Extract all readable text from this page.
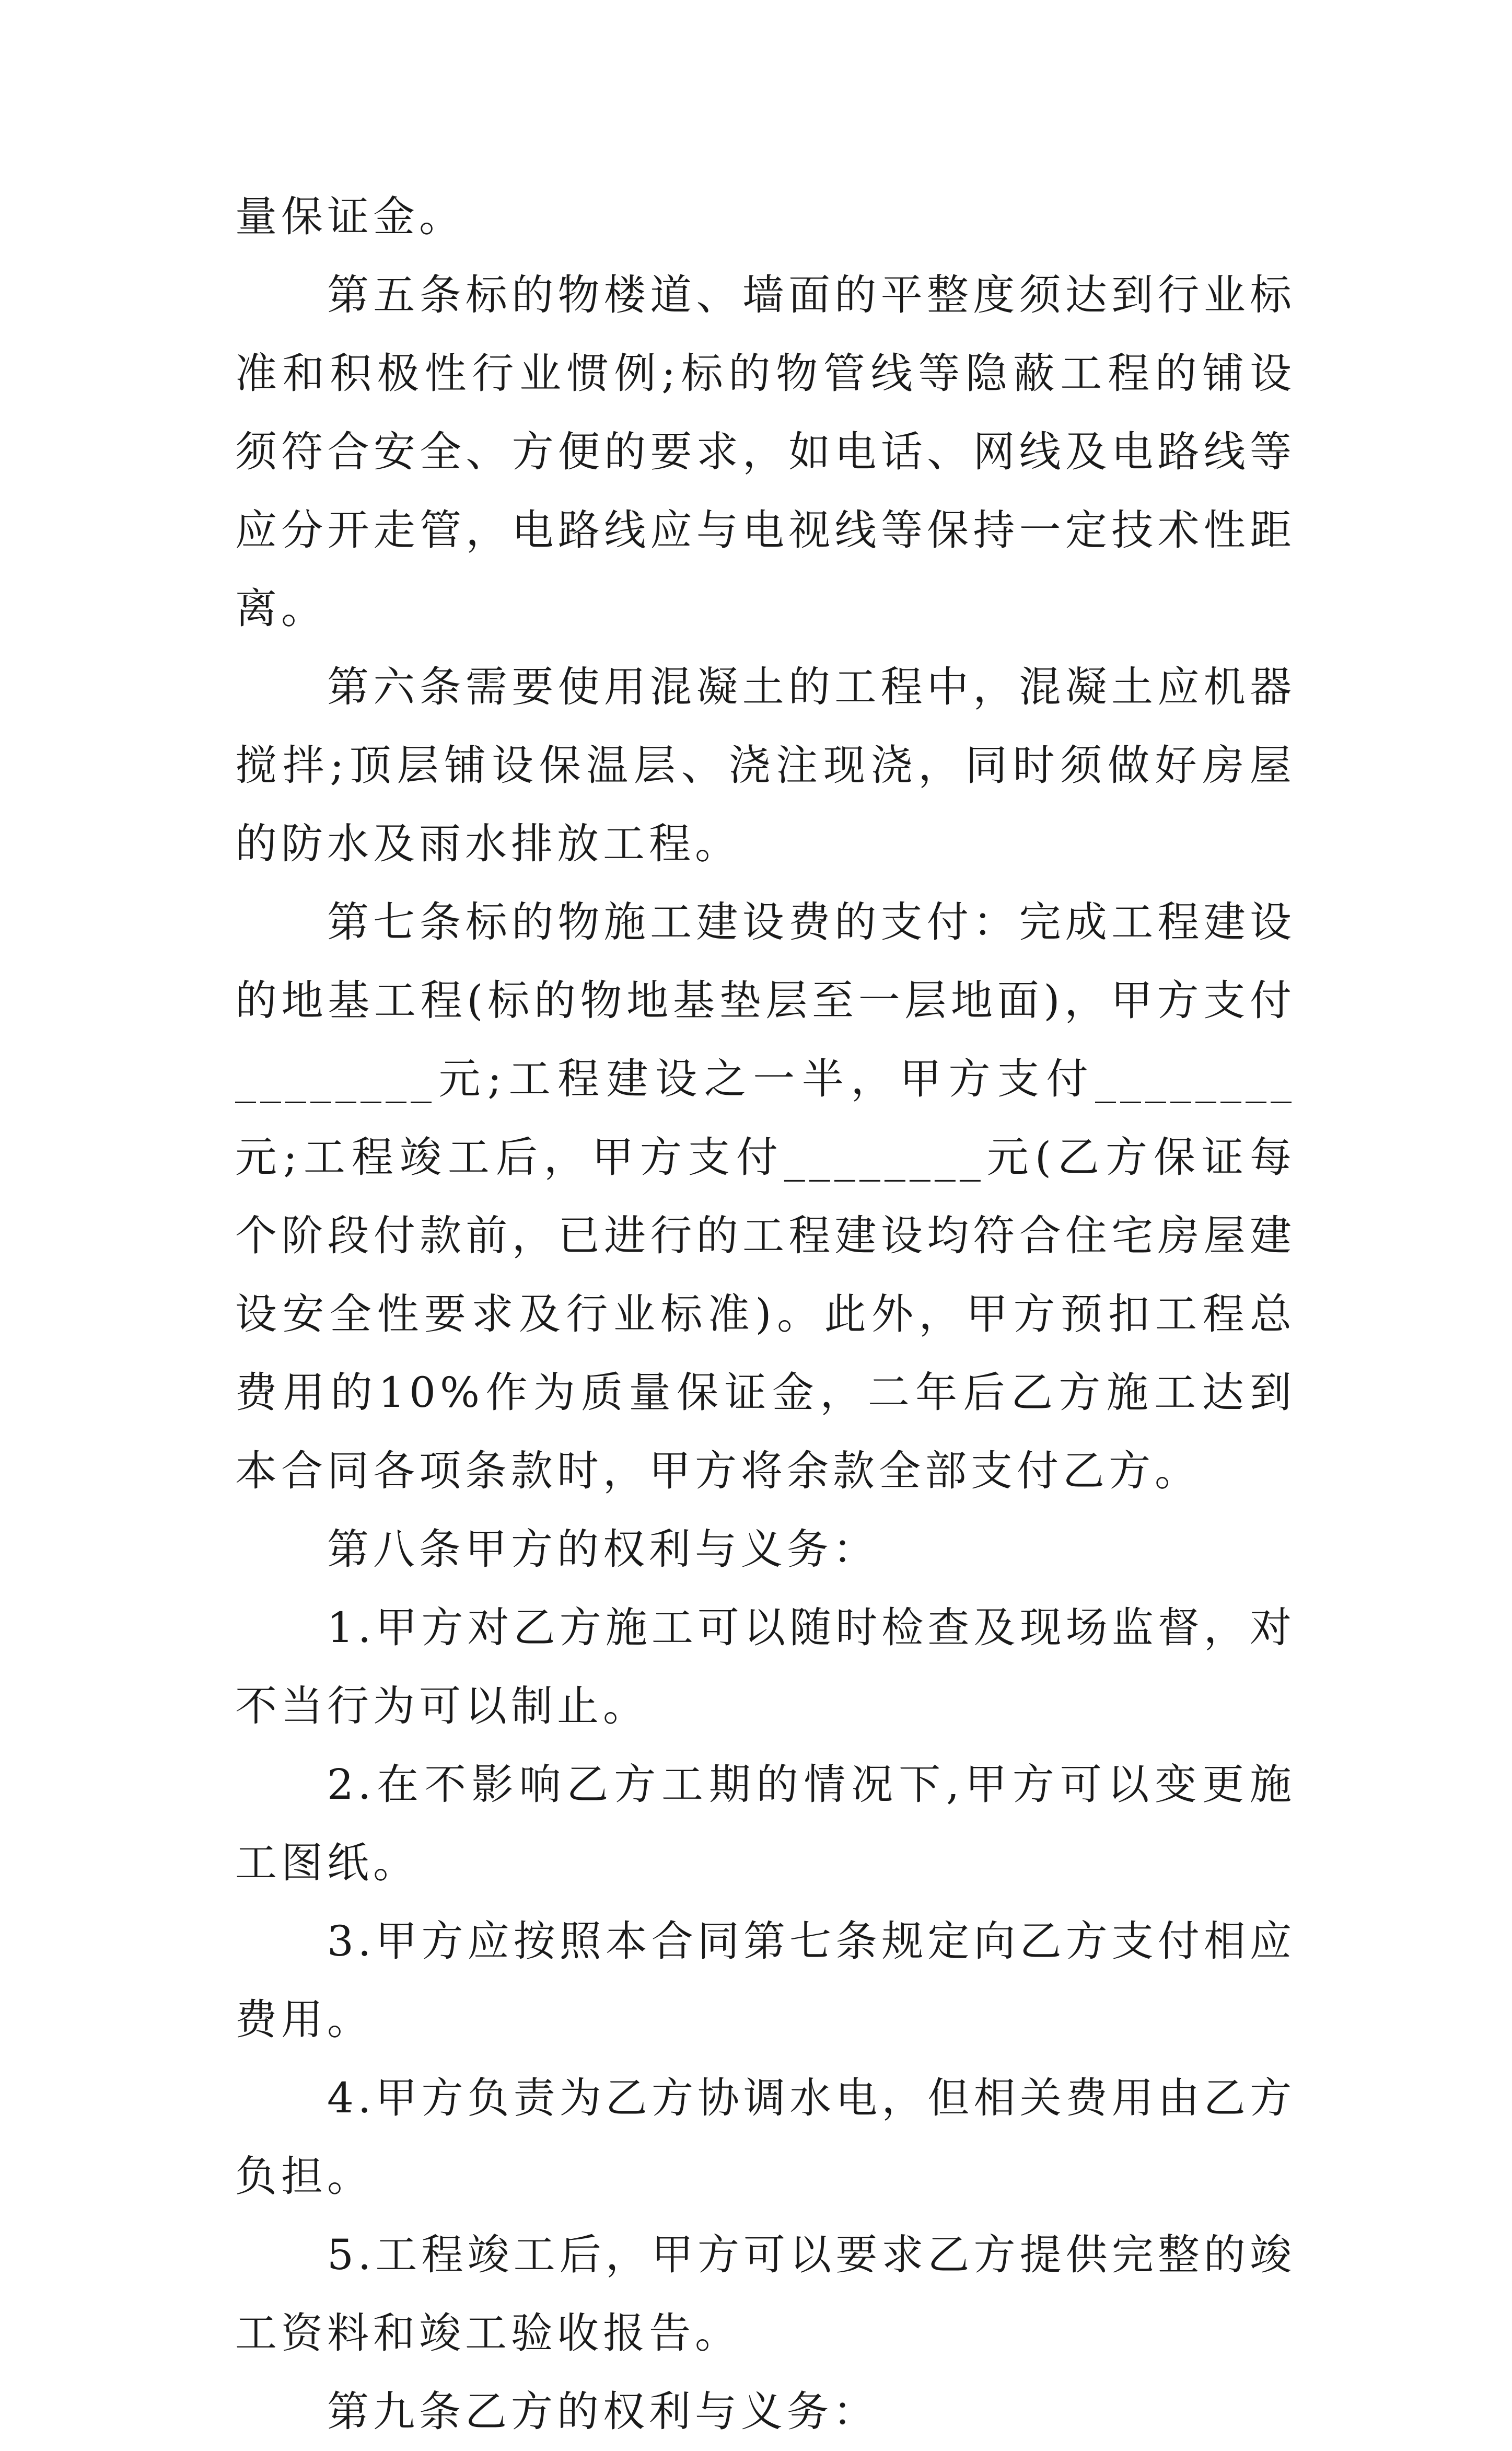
量保证金。

第五条标的物楼道、墙面的平整度须达到行业标准和积极性行业惯例;标的物管线等隐蔽工程的铺设须符合安全、方便的要求，如电话、网线及电路线等应分开走管，电路线应与电视线等保持一定技术性距离。

第六条需要使用混凝土的工程中，混凝土应机器搅拌;顶层铺设保温层、浇注现浇，同时须做好房屋的防水及雨水排放工程。

第七条标的物施工建设费的支付：完成工程建设的地基工程(标的物地基垫层至一层地面)，甲方支付________元;工程建设之一半，甲方支付________元;工程竣工后，甲方支付________元(乙方保证每个阶段付款前，已进行的工程建设均符合住宅房屋建设安全性要求及行业标准)。此外，甲方预扣工程总费用的10%作为质量保证金，二年后乙方施工达到本合同各项条款时，甲方将余款全部支付乙方。

第八条甲方的权利与义务：

1.甲方对乙方施工可以随时检查及现场监督，对不当行为可以制止。

2.在不影响乙方工期的情况下,甲方可以变更施工图纸。

3.甲方应按照本合同第七条规定向乙方支付相应费用。

4.甲方负责为乙方协调水电，但相关费用由乙方负担。

5.工程竣工后，甲方可以要求乙方提供完整的竣工资料和竣工验收报告。

第九条乙方的权利与义务：
